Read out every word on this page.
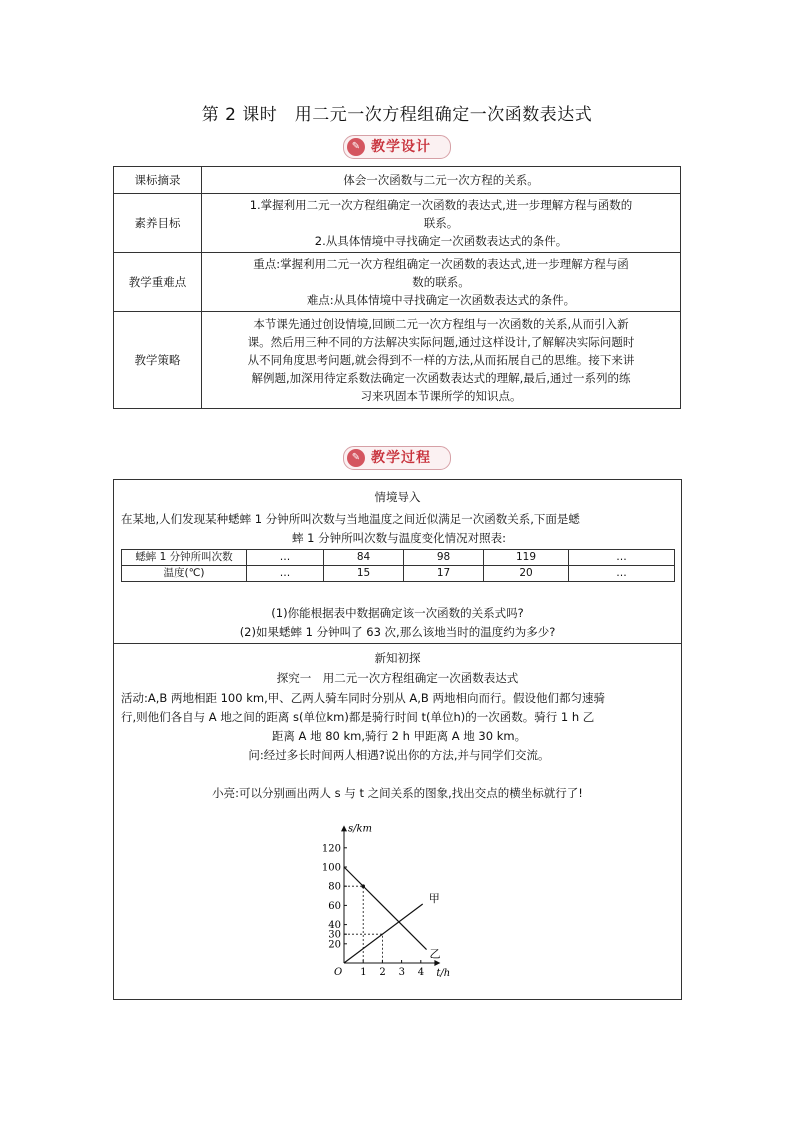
第 2 课时　用二元一次方程组确定一次函数表达式
✎ 教学设计
课标摘录	体会一次函数与二元一次方程的关系。

素养目标	1.掌握利用二元一次方程组确定一次函数的表达式,进一步理解方程与函数的
联系。
2.从具体情境中寻找确定一次函数表达式的条件。

教学重难点	重点:掌握利用二元一次方程组确定一次函数的表达式,进一步理解方程与函
数的联系。
难点:从具体情境中寻找确定一次函数表达式的条件。

教学策略	本节课先通过创设情境,回顾二元一次方程组与一次函数的关系,从而引入新
课。然后用三种不同的方法解决实际问题,通过这样设计,了解解决实际问题时
从不同角度思考问题,就会得到不一样的方法,从而拓展自己的思维。接下来讲
解例题,加深用待定系数法确定一次函数表达式的理解,最后,通过一系列的练
习来巩固本节课所学的知识点。
✎ 教学过程
情境导入
在某地,人们发现某种蟋蟀 1 分钟所叫次数与当地温度之间近似满足一次函数关系,下面是蟋
蟀 1 分钟所叫次数与温度变化情况对照表:
蟋蟀 1 分钟所叫次数	…	84	98	119	…
温度(℃)	…	15	17	20	…
(1)你能根据表中数据确定该一次函数的关系式吗?
(2)如果蟋蟀 1 分钟叫了 63 次,那么该地当时的温度约为多少?
新知初探
探究一　用二元一次方程组确定一次函数表达式
活动:A,B 两地相距 100 km,甲、乙两人骑车同时分别从 A,B 两地相向而行。假设他们都匀速骑
行,则他们各自与 A 地之间的距离 s(单位km)都是骑行时间 t(单位h)的一次函数。骑行 1 h 乙
距离 A 地 80 km,骑行 2 h 甲距离 A 地 30 km。
问:经过多长时间两人相遇?说出你的方法,并与同学们交流。
小亮:可以分别画出两人 s 与 t 之间关系的图象,找出交点的横坐标就行了!
s/km
t/h
O 1 2 3 4
20
30
40
60
80
100
120
甲
乙
